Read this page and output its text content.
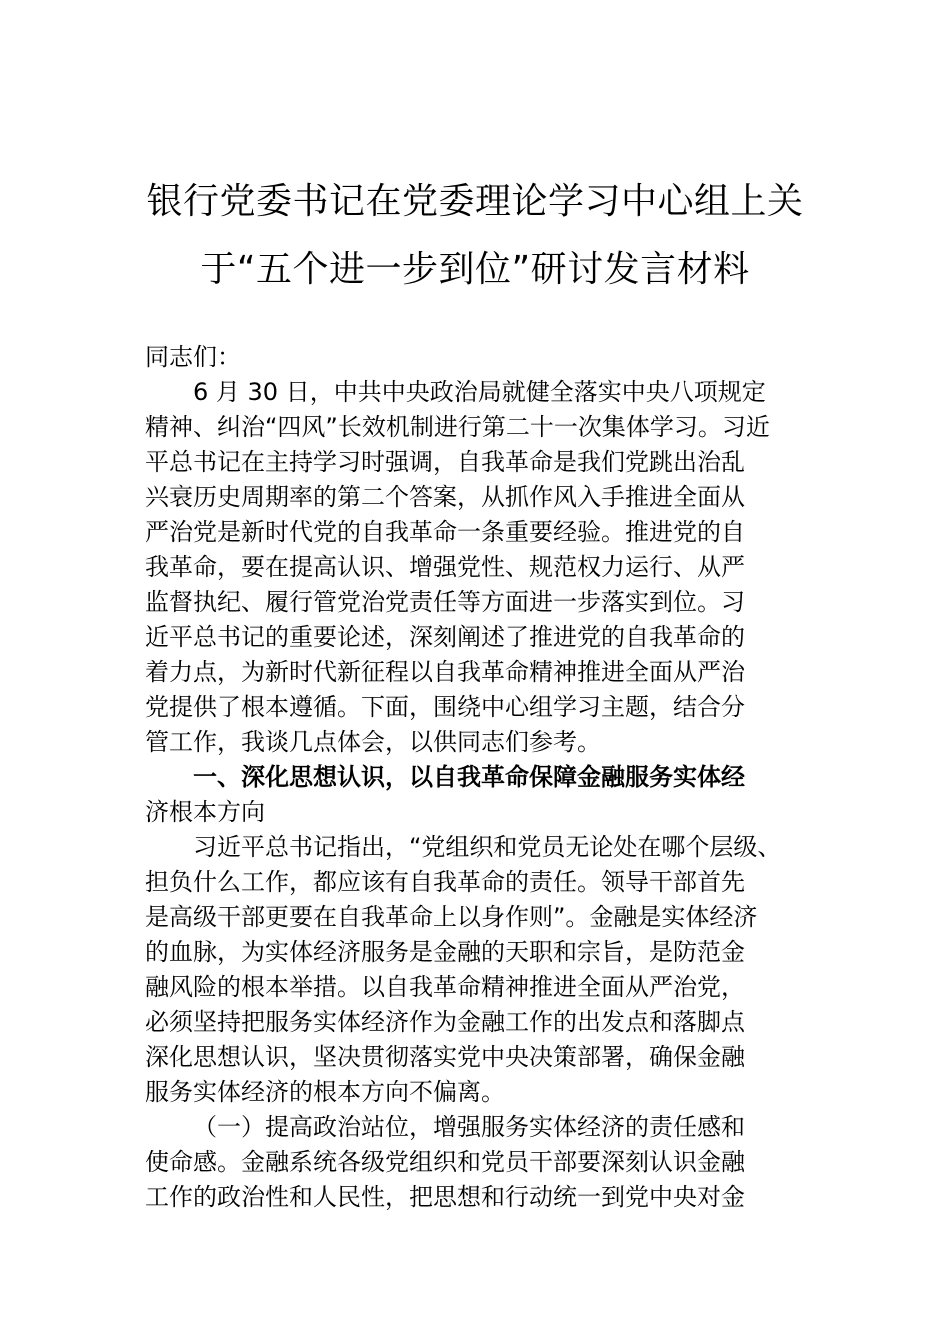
银行党委书记在党委理论学习中心组上关
于“五个进一步到位”研讨发言材料
同志们：
6 月 30 日，中共中央政治局就健全落实中央八项规定
精神、纠治“四风”长效机制进行第二十一次集体学习。习近
平总书记在主持学习时强调，自我革命是我们党跳出治乱
兴衰历史周期率的第二个答案，从抓作风入手推进全面从
严治党是新时代党的自我革命一条重要经验。推进党的自
我革命，要在提高认识、增强党性、规范权力运行、从严
监督执纪、履行管党治党责任等方面进一步落实到位。习
近平总书记的重要论述，深刻阐述了推进党的自我革命的
着力点，为新时代新征程以自我革命精神推进全面从严治
党提供了根本遵循。下面，围绕中心组学习主题，结合分
管工作，我谈几点体会，以供同志们参考。
一、深化思想认识，以自我革命保障金融服务实体经
济根本方向
习近平总书记指出，“党组织和党员无论处在哪个层级、
担负什么工作，都应该有自我革命的责任。领导干部首先
是高级干部更要在自我革命上以身作则”。金融是实体经济
的血脉，为实体经济服务是金融的天职和宗旨，是防范金
融风险的根本举措。以自我革命精神推进全面从严治党，
必须坚持把服务实体经济作为金融工作的出发点和落脚点
深化思想认识，坚决贯彻落实党中央决策部署，确保金融
服务实体经济的根本方向不偏离。
（一）提高政治站位，增强服务实体经济的责任感和
使命感。金融系统各级党组织和党员干部要深刻认识金融
工作的政治性和人民性，把思想和行动统一到党中央对金
